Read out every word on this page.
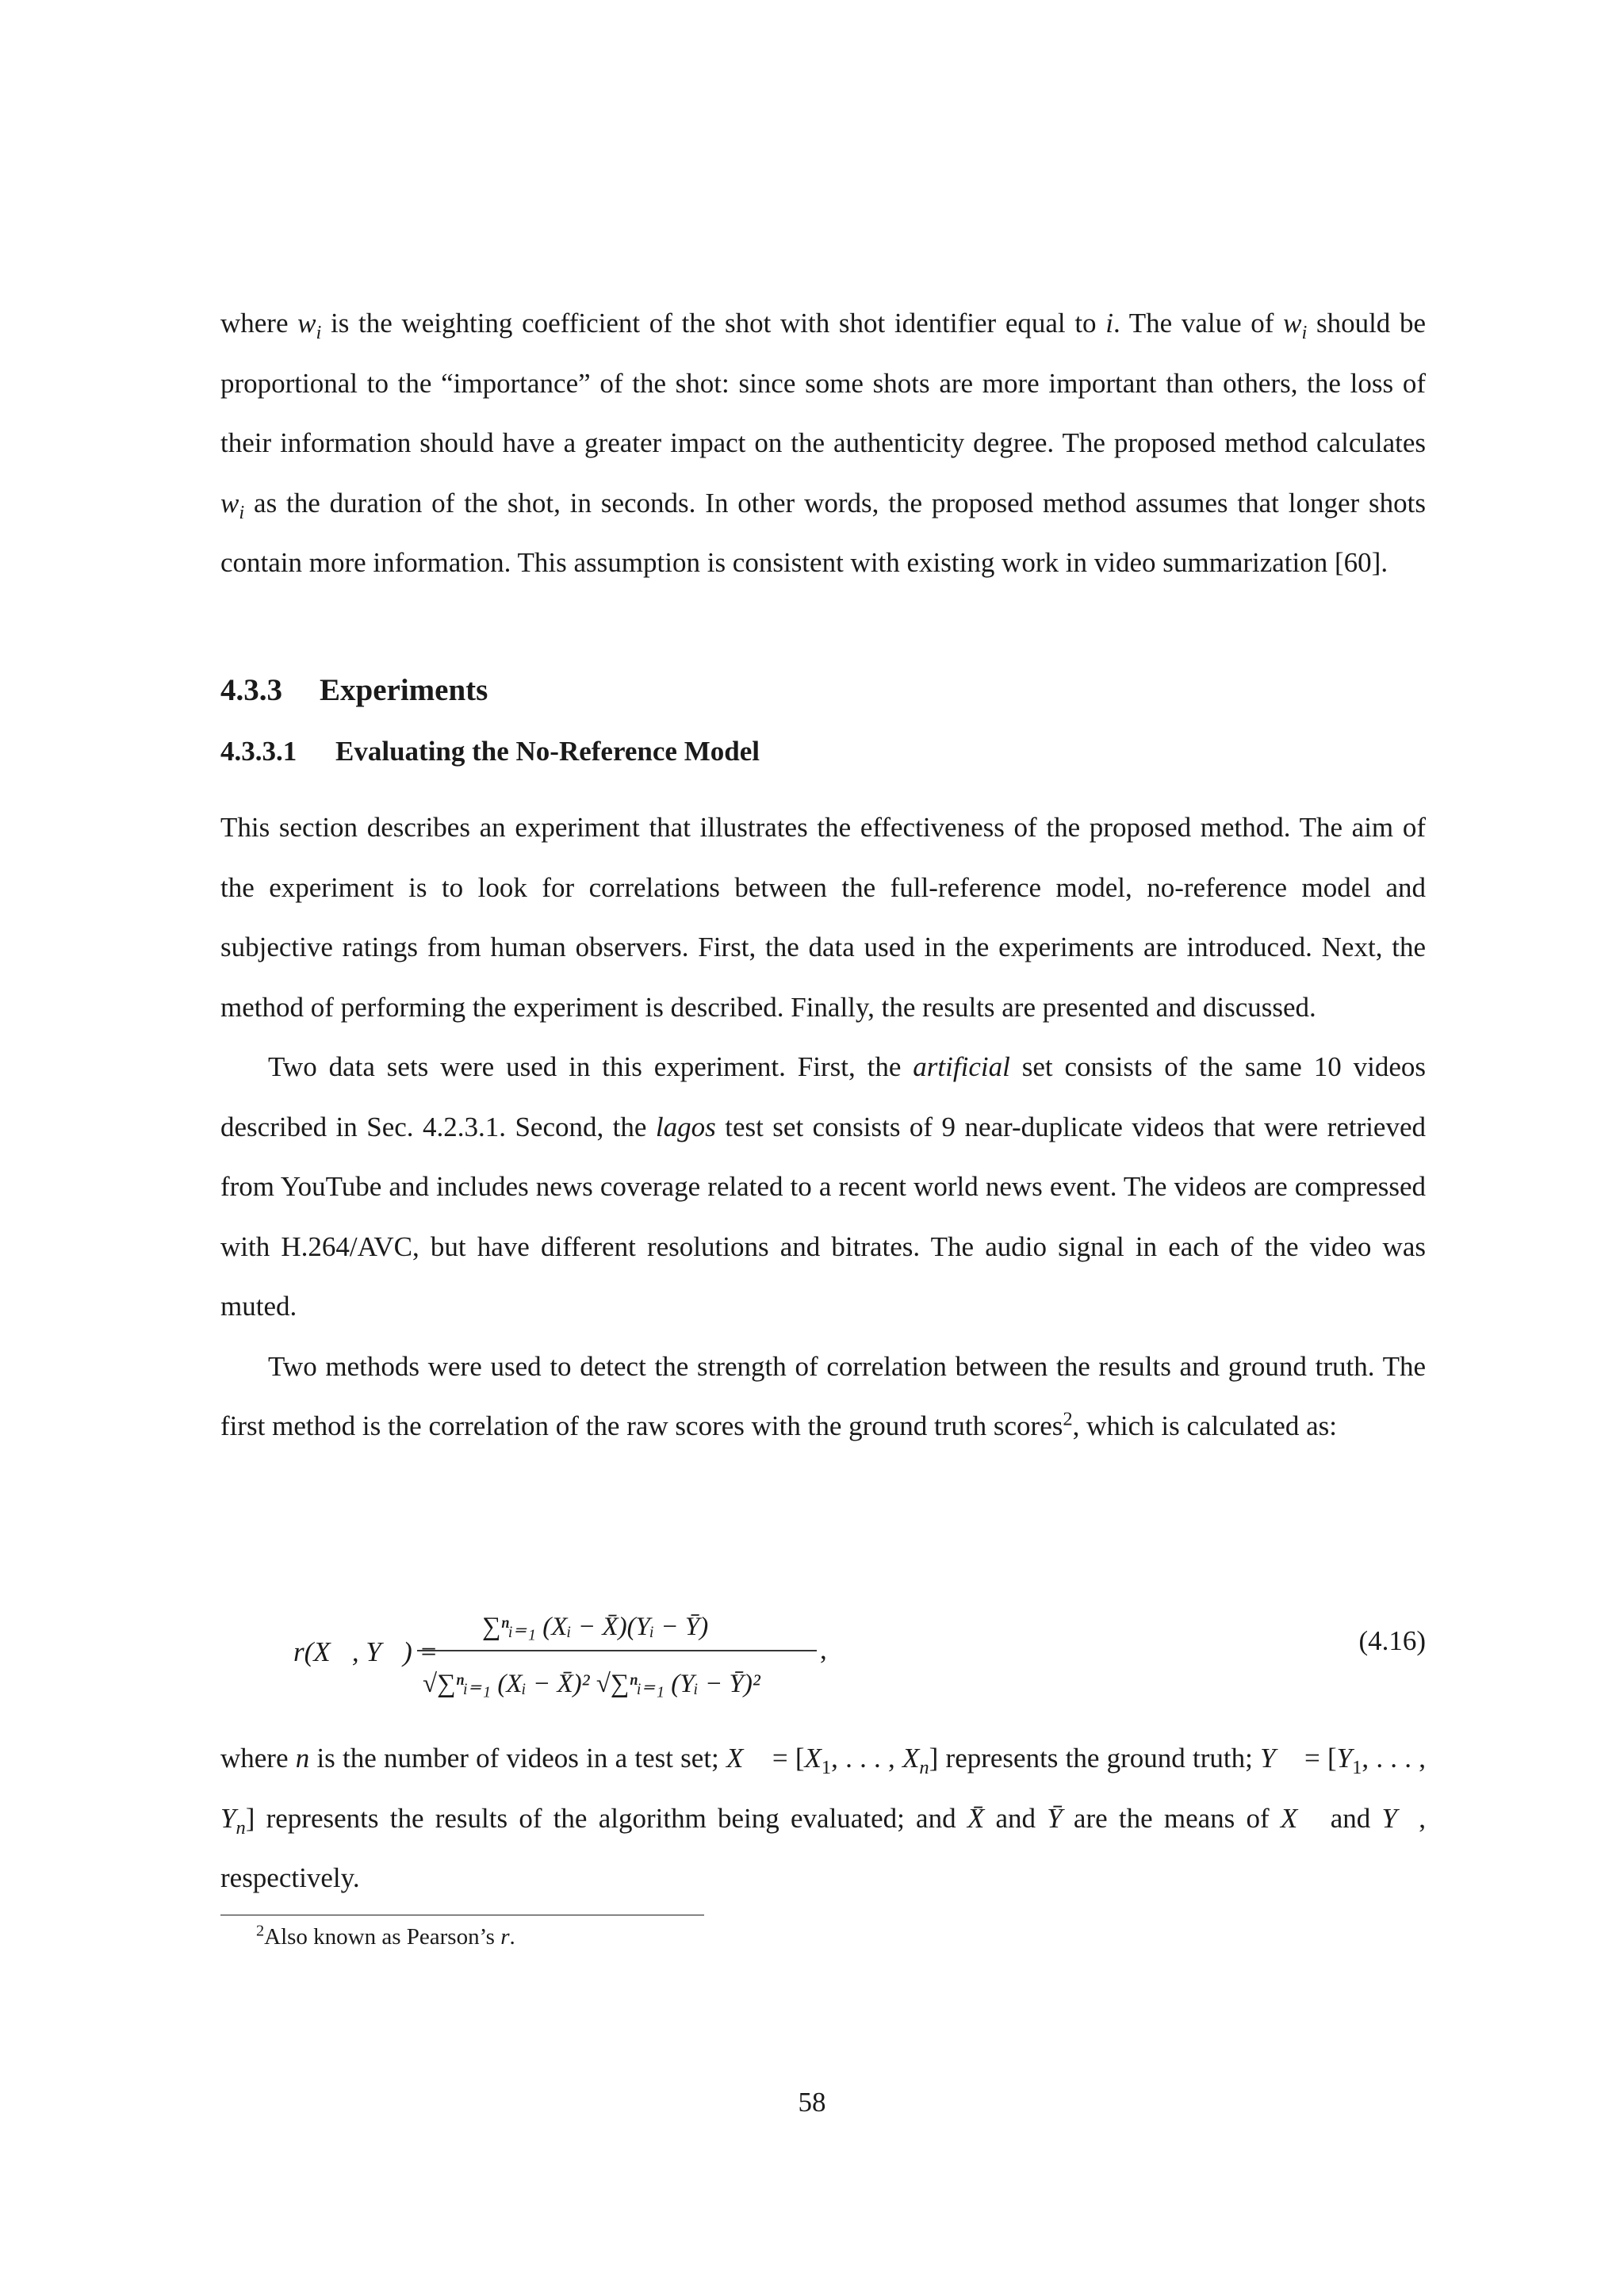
where $w_i$ is the weighting coefficient of the shot with shot identifier equal to i. The value of $w_i$ should be proportional to the “importance” of the shot: since some shots are more important than others, the loss of their information should have a greater impact on the authenticity degree. The proposed method calculates $w_i$ as the duration of the shot, in seconds. In other words, the proposed method assumes that longer shots contain more information. This assumption is consistent with existing work in video summarization [60].

4.3.3 Experiments
4.3.3.1 Evaluating the No-Reference Model

This section describes an experiment that illustrates the effectiveness of the proposed method. The aim of the experiment is to look for correlations between the full-reference model, no-reference model and subjective ratings from human observers. First, the data used in the experiments are introduced. Next, the method of performing the experiment is described. Finally, the results are presented and discussed.

Two data sets were used in this experiment. First, the artificial set consists of the same 10 videos described in Sec. 4.2.3.1. Second, the lagos test set consists of 9 near-duplicate videos that were retrieved from YouTube and includes news coverage related to a recent world news event. The videos are compressed with H.264/AVC, but have different resolutions and bitrates. The audio signal in each of the video was muted.

Two methods were used to detect the strength of correlation between the results and ground truth. The first method is the correlation of the raw scores with the ground truth scores$^2$, which is calculated as:

r(X⃗, Y⃗) =
∑ⁿᵢ₌₁ (Xᵢ − X̄)(Yᵢ − Ȳ)
√∑ⁿᵢ₌₁ (Xᵢ − X̄)² √∑ⁿᵢ₌₁ (Yᵢ − Ȳ)²
,	(4.16)

where n is the number of videos in a test set; X⃗ = [$X_1$, . . . , $X_n$] represents the ground truth; Y⃗ = [$Y_1$, . . . , $Y_n$] represents the results of the algorithm being evaluated; and X̄ and Ȳ are the means of X⃗ and Y⃗, respectively.

$^2$Also known as Pearson’s r.
58
